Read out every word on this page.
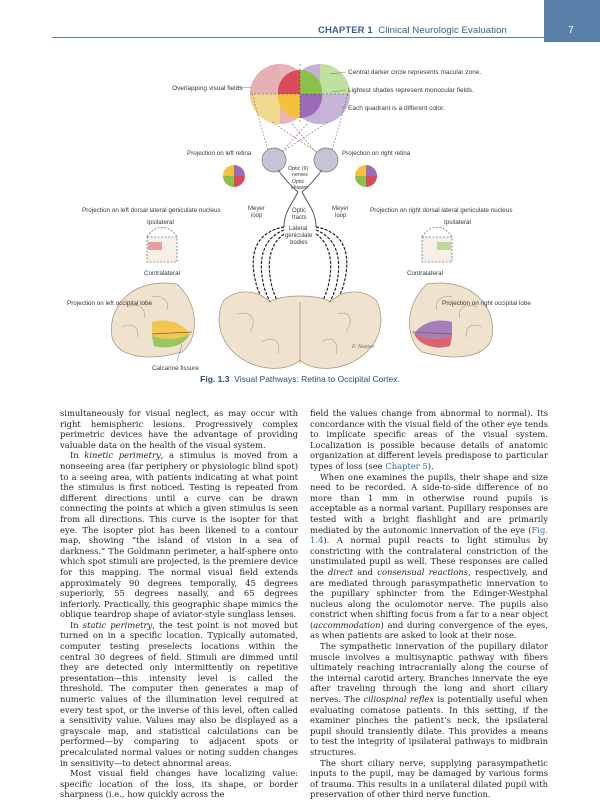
CHAPTER 1 Clinical Neurologic Evaluation	7
Overlapping visual fields
Central darker circle represents macular zone.
Lightest shades represent monocular fields.
Each quadrant is a different color.
Projection on left retina	Projection on right retina
Optic (II)
nerves
Optic
chiasm
Projection on left dorsal lateral geniculate nucleus	Projection on right dorsal lateral geniculate nucleus
Meyer
loop
Meyer
loop
Optic
tracts
Lateral
geniculate
bodies
Ipsilateral	Ipsilateral
Contralateral	Contralateral
Projection on left occipital lobe	Projection on right occipital lobe
Calcarine fissure
F. Netter
Fig. 1.3 Visual Pathways: Retina to Occipital Cortex.

simultaneously for visual neglect, as may occur with right hemispheric lesions. Progressively complex perimetric devices have the advantage of providing valuable data on the health of the visual system.

In kinetic perimetry, a stimulus is moved from a nonseeing area (far periphery or physiologic blind spot) to a seeing area, with patients indicating at what point the stimulus is first noticed. Testing is repeated from different directions until a curve can be drawn connecting the points at which a given stimulus is seen from all directions. This curve is the isopter for that eye. The isopter plot has been likened to a contour map, showing “the island of vision in a sea of darkness.” The Goldmann perimeter, a half-sphere onto which spot stimuli are projected, is the premiere device for this mapping. The normal visual field extends approximately 90 degrees temporally, 45 degrees superiorly, 55 degrees nasally, and 65 degrees inferiorly. Practically, this geographic shape mimics the oblique teardrop shape of aviator-style sunglass lenses.

In static perimetry, the test point is not moved but turned on in a specific location. Typically automated, computer testing preselects locations within the central 30 degrees of field. Stimuli are dimmed until they are detected only intermittently on repetitive presentation—this intensity level is called the threshold. The computer then generates a map of numeric values of the illumination level required at every test spot, or the inverse of this level, often called a sensitivity value. Values may also be displayed as a grayscale map, and statistical calculations can be performed—by comparing to adjacent spots or precalculated normal values or noting sudden changes in sensitivity—to detect abnormal areas.

Most visual field changes have localizing value: specific location of the loss, its shape, or border sharpness (i.e., how quickly across the

field the values change from abnormal to normal). Its concordance with the visual field of the other eye tends to implicate specific areas of the visual system. Localization is possible because details of anatomic organization at different levels predispose to particular types of loss (see Chapter 5).

When one examines the pupils, their shape and size need to be recorded. A side-to-side difference of no more than 1 mm in otherwise round pupils is acceptable as a normal variant. Pupillary responses are tested with a bright flashlight and are primarily mediated by the autonomic innervation of the eye (Fig. 1.4). A normal pupil reacts to light stimulus by constricting with the contralateral constriction of the unstimulated pupil as well. These responses are called the direct and consensual reactions, respectively, and are mediated through parasympathetic innervation to the pupillary sphincter from the Edinger-Westphal nucleus along the oculomotor nerve. The pupils also constrict when shifting focus from a far to a near object (accommodation) and during convergence of the eyes, as when patients are asked to look at their nose.

The sympathetic innervation of the pupillary dilator muscle involves a multisynaptic pathway with fibers ultimately reaching intracranially along the course of the internal carotid artery. Branches innervate the eye after traveling through the long and short ciliary nerves. The ciliospinal reflex is potentially useful when evaluating comatose patients. In this setting, if the examiner pinches the patient’s neck, the ipsilateral pupil should transiently dilate. This provides a means to test the integrity of ipsilateral pathways to midbrain structures.

The short ciliary nerve, supplying parasympathetic inputs to the pupil, may be damaged by various forms of trauma. This results in a unilateral dilated pupil with preservation of other third nerve function.
